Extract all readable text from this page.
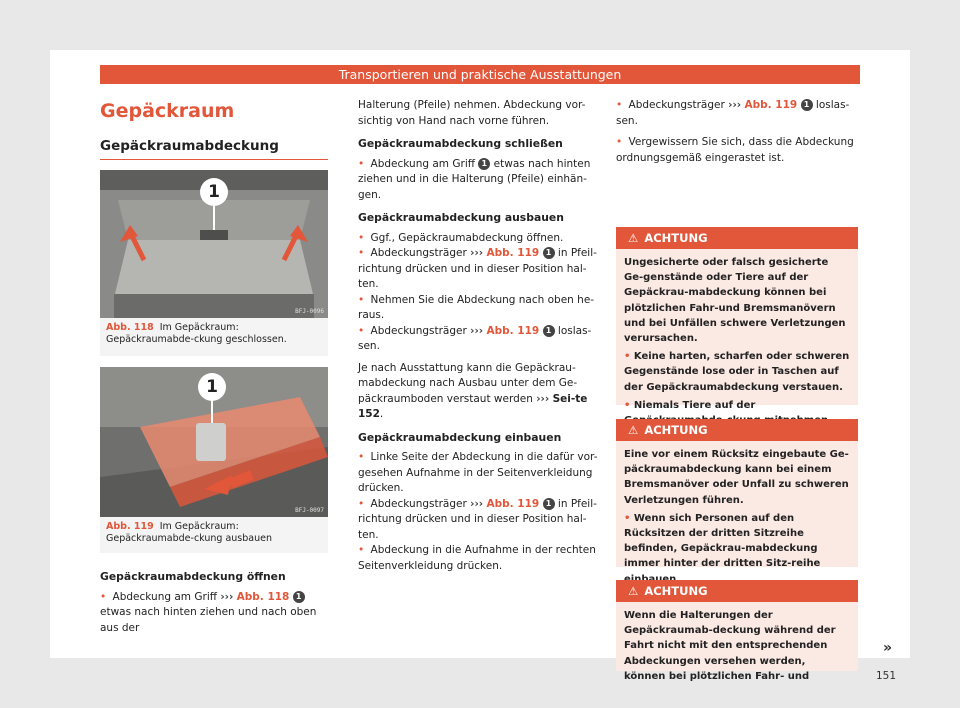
Transportieren und praktische Ausstattungen
Gepäckraum
Gepäckraumabdeckung
1
BFJ-0096
Abb. 118 Im Gepäckraum: Gepäckraumabde-ckung geschlossen.
1
BFJ-0097
Abb. 119 Im Gepäckraum: Gepäckraumabde-ckung ausbauen
Gepäckraumabdeckung öffnen
• Abdeckung am Griff ››› Abb. 118 1 etwas nach hinten ziehen und nach oben aus der

Halterung (Pfeile) nehmen. Abdeckung vor-sichtig von Hand nach vorne führen.

Gepäckraumabdeckung schließen
• Abdeckung am Griff 1 etwas nach hinten ziehen und in die Halterung (Pfeile) einhän-gen.
Gepäckraumabdeckung ausbauen
• Ggf., Gepäckraumabdeckung öffnen.
• Abdeckungsträger ››› Abb. 119 1 in Pfeil-richtung drücken und in dieser Position hal-ten.
• Nehmen Sie die Abdeckung nach oben he-raus.
• Abdeckungsträger ››› Abb. 119 1 loslas-sen.

Je nach Ausstattung kann die Gepäckrau-mabdeckung nach Ausbau unter dem Ge-päckraumboden verstaut werden ››› Sei-te 152.

Gepäckraumabdeckung einbauen
• Linke Seite der Abdeckung in die dafür vor-gesehen Aufnahme in der Seitenverkleidung drücken.
• Abdeckungsträger ››› Abb. 119 1 in Pfeil-richtung drücken und in dieser Position hal-ten.
• Abdeckung in die Aufnahme in der rechten Seitenverkleidung drücken.
• Abdeckungsträger ››› Abb. 119 1 loslas-sen.
• Vergewissern Sie sich, dass die Abdeckung ordnungsgemäß eingerastet ist.
⚠ ACHTUNG

Ungesicherte oder falsch gesicherte Ge-genstände oder Tiere auf der Gepäckrau-mabdeckung können bei plötzlichen Fahr-und Bremsmanövern und bei Unfällen schwere Verletzungen verursachen.

• Keine harten, scharfen oder schweren Gegenstände lose oder in Taschen auf der Gepäckraumabdeckung verstauen.

• Niemals Tiere auf der

⚠ ACHTUNG

Eine vor einem Rücksitz eingebaute Ge-päckraumabdeckung kann bei einem Bremsmanöver oder Unfall zu schweren Verletzungen führen.

• Wenn sich Personen auf den Rücksitzen der dritten Sitzreihe befinden, Gepäckrau-mabdeckung immer hinter der dritten Sitz-reihe

⚠ ACHTUNG

Wenn die Halterungen der Gepäckraumab-deckung während der Fahrt nicht mit den entsprechenden Abdeckungen versehen werden, können bei plötzlichen Fahr- und

»
151
